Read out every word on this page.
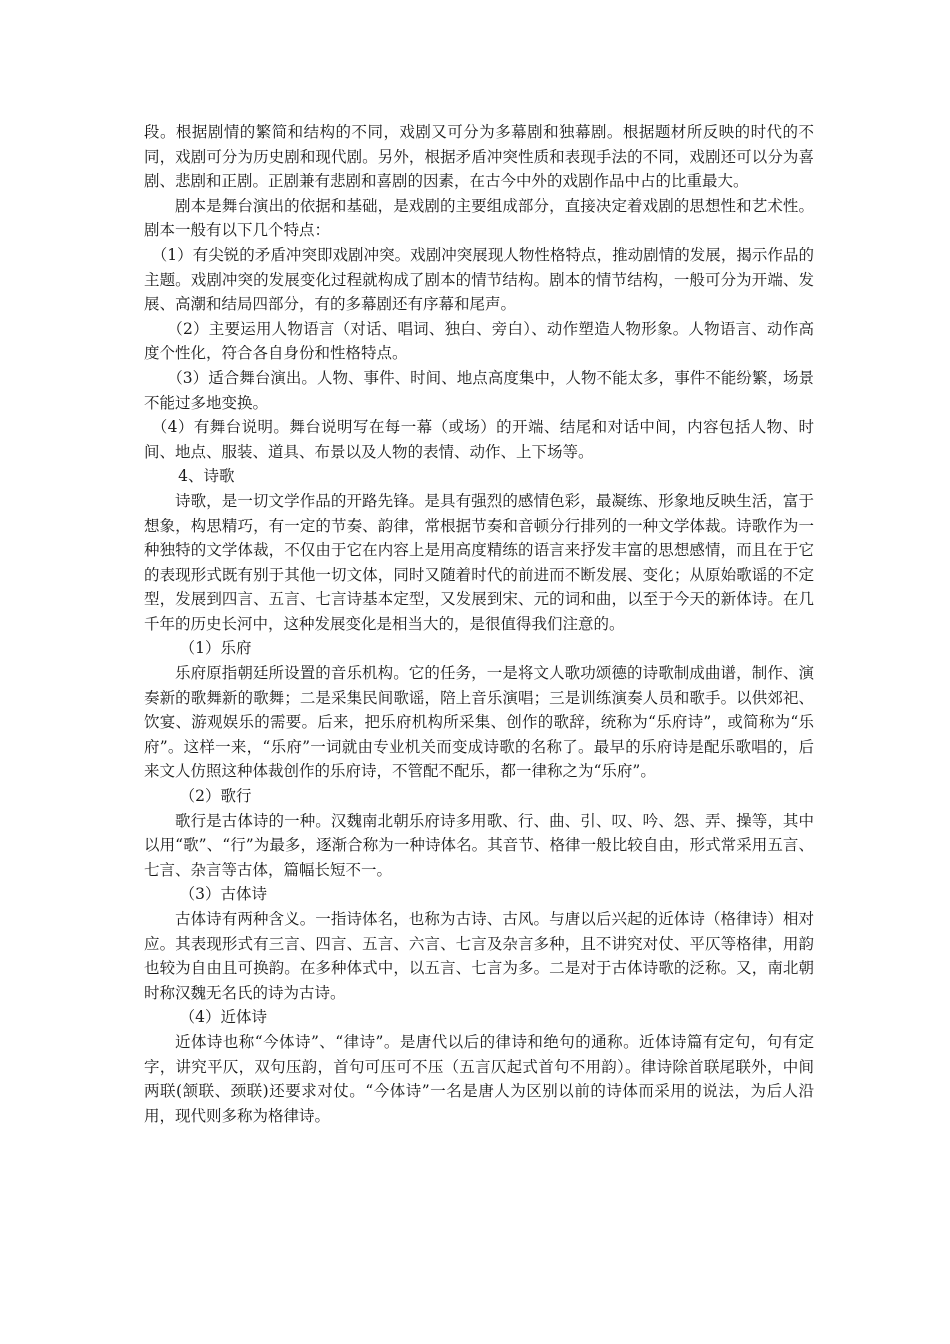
段。根据剧情的繁简和结构的不同，戏剧又可分为多幕剧和独幕剧。根据题材所反映的时代的不同，戏剧可分为历史剧和现代剧。另外，根据矛盾冲突性质和表现手法的不同，戏剧还可以分为喜剧、悲剧和正剧。正剧兼有悲剧和喜剧的因素，在古今中外的戏剧作品中占的比重最大。

剧本是舞台演出的依据和基础，是戏剧的主要组成部分，直接决定着戏剧的思想性和艺术性。剧本一般有以下几个特点：

（1）有尖锐的矛盾冲突即戏剧冲突。戏剧冲突展现人物性格特点，推动剧情的发展，揭示作品的主题。戏剧冲突的发展变化过程就构成了剧本的情节结构。剧本的情节结构，一般可分为开端、发展、高潮和结局四部分，有的多幕剧还有序幕和尾声。

（2）主要运用人物语言（对话、唱词、独白、旁白）、动作塑造人物形象。人物语言、动作高度个性化，符合各自身份和性格特点。

（3）适合舞台演出。人物、事件、时间、地点高度集中，人物不能太多，事件不能纷繁，场景不能过多地变换。

（4）有舞台说明。舞台说明写在每一幕（或场）的开端、结尾和对话中间，内容包括人物、时间、地点、服装、道具、布景以及人物的表情、动作、上下场等。

4、诗歌

诗歌，是一切文学作品的开路先锋。是具有强烈的感情色彩，最凝练、形象地反映生活，富于想象，构思精巧，有一定的节奏、韵律，常根据节奏和音顿分行排列的一种文学体裁。诗歌作为一种独特的文学体裁，不仅由于它在内容上是用高度精练的语言来抒发丰富的思想感情，而且在于它的表现形式既有别于其他一切文体，同时又随着时代的前进而不断发展、变化；从原始歌谣的不定型，发展到四言、五言、七言诗基本定型，又发展到宋、元的词和曲，以至于今天的新体诗。在几千年的历史长河中，这种发展变化是相当大的，是很值得我们注意的。

（1）乐府

乐府原指朝廷所设置的音乐机构。它的任务，一是将文人歌功颂德的诗歌制成曲谱，制作、演奏新的歌舞新的歌舞；二是采集民间歌谣，陪上音乐演唱；三是训练演奏人员和歌手。以供郊祀、饮宴、游观娱乐的需要。后来，把乐府机构所采集、创作的歌辞，统称为“乐府诗”，或简称为“乐府”。这样一来，“乐府”一词就由专业机关而变成诗歌的名称了。最早的乐府诗是配乐歌唱的，后来文人仿照这种体裁创作的乐府诗，不管配不配乐，都一律称之为“乐府”。

（2）歌行

歌行是古体诗的一种。汉魏南北朝乐府诗多用歌、行、曲、引、叹、吟、怨、弄、操等，其中以用“歌”、“行”为最多，逐渐合称为一种诗体名。其音节、格律一般比较自由，形式常采用五言、七言、杂言等古体，篇幅长短不一。

（3）古体诗

古体诗有两种含义。一指诗体名，也称为古诗、古风。与唐以后兴起的近体诗（格律诗）相对应。其表现形式有三言、四言、五言、六言、七言及杂言多种，且不讲究对仗、平仄等格律，用韵也较为自由且可换韵。在多种体式中，以五言、七言为多。二是对于古体诗歌的泛称。又，南北朝时称汉魏无名氏的诗为古诗。

（4）近体诗

近体诗也称“今体诗”、“律诗”。是唐代以后的律诗和绝句的通称。近体诗篇有定句，句有定字，讲究平仄，双句压韵，首句可压可不压（五言仄起式首句不用韵）。律诗除首联尾联外，中间两联(颔联、颈联)还要求对仗。“今体诗”一名是唐人为区别以前的诗体而采用的说法，为后人沿用，现代则多称为格律诗。
